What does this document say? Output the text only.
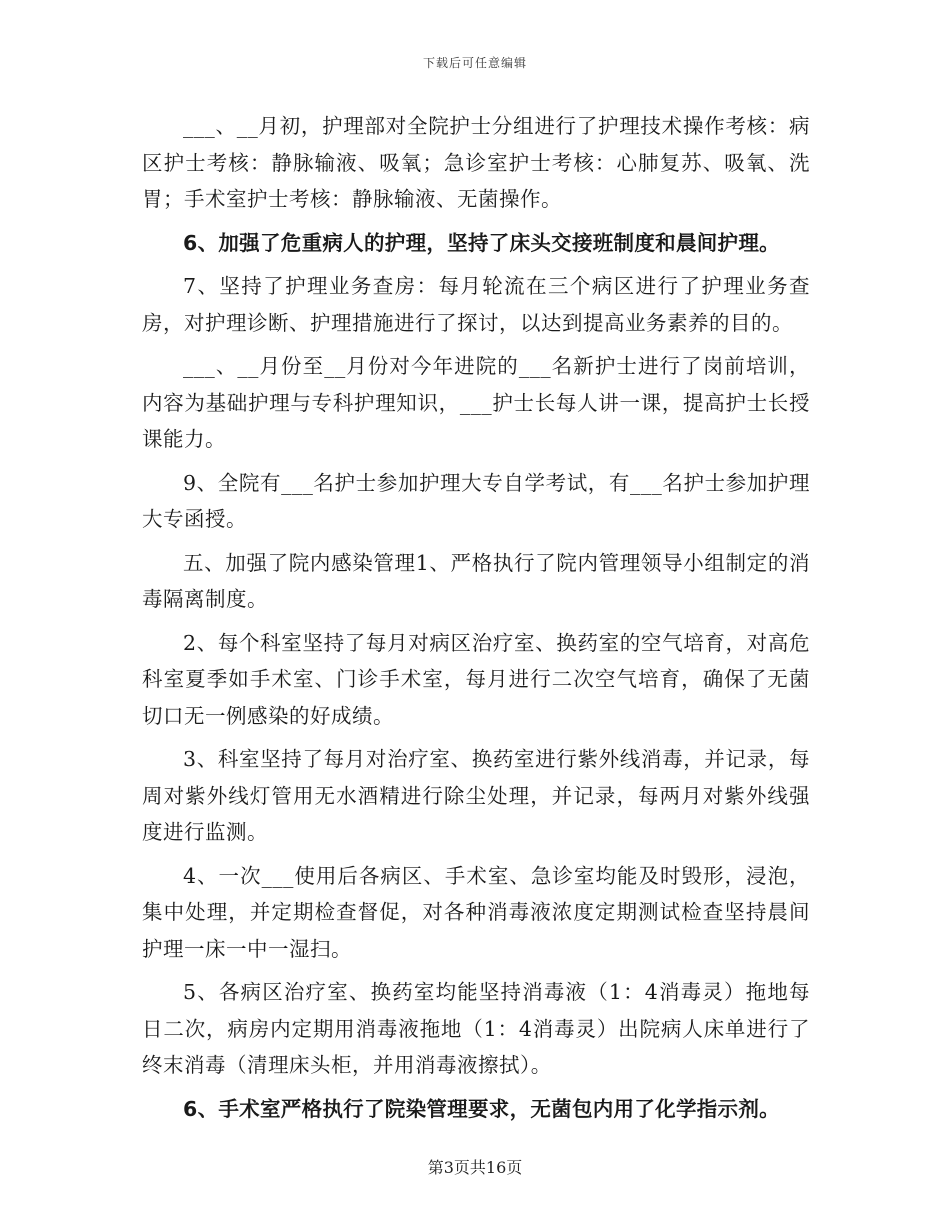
下载后可任意编辑

___、__月初，护理部对全院护士分组进行了护理技术操作考核：病区护士考核：静脉输液、吸氧；急诊室护士考核：心肺复苏、吸氧、洗胃；手术室护士考核：静脉输液、无菌操作。

6、加强了危重病人的护理，坚持了床头交接班制度和晨间护理。

7、坚持了护理业务查房：每月轮流在三个病区进行了护理业务查房，对护理诊断、护理措施进行了探讨，以达到提高业务素养的目的。

___、__月份至__月份对今年进院的___名新护士进行了岗前培训，内容为基础护理与专科护理知识，___护士长每人讲一课，提高护士长授课能力。

9、全院有___名护士参加护理大专自学考试，有___名护士参加护理大专函授。

五、加强了院内感染管理1、严格执行了院内管理领导小组制定的消毒隔离制度。

2、每个科室坚持了每月对病区治疗室、换药室的空气培育，对高危科室夏季如手术室、门诊手术室，每月进行二次空气培育，确保了无菌切口无一例感染的好成绩。

3、科室坚持了每月对治疗室、换药室进行紫外线消毒，并记录，每周对紫外线灯管用无水酒精进行除尘处理，并记录，每两月对紫外线强度进行监测。

4、一次___使用后各病区、手术室、急诊室均能及时毁形，浸泡，集中处理，并定期检查督促，对各种消毒液浓度定期测试检查坚持晨间护理一床一中一湿扫。

5、各病区治疗室、换药室均能坚持消毒液（1：4消毒灵）拖地每日二次，病房内定期用消毒液拖地（1：4消毒灵）出院病人床单进行了终末消毒（清理床头柜，并用消毒液擦拭）。

6、手术室严格执行了院染管理要求，无菌包内用了化学指示剂。

第3页共16页
